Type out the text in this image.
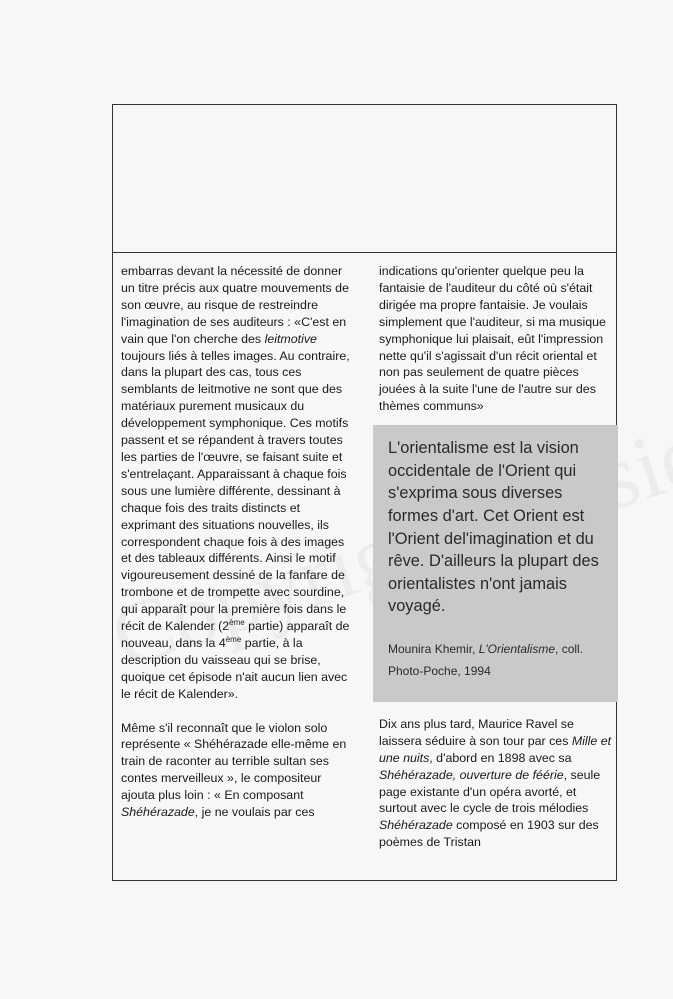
embarras devant la nécessité de donner un titre précis aux quatre mouvements de son œuvre, au risque de restreindre l'imagination de ses auditeurs : «C'est en vain que l'on cherche des leitmotive toujours liés à telles images. Au contraire, dans la plupart des cas, tous ces semblants de leitmotive ne sont que des matériaux purement musicaux du développement symphonique. Ces motifs passent et se répandent à travers toutes les parties de l'œuvre, se faisant suite et s'entrelaçant. Apparaissant à chaque fois sous une lumière différente, dessinant à chaque fois des traits distincts et exprimant des situations nouvelles, ils correspondent chaque fois à des images et des tableaux différents. Ainsi le motif vigoureusement dessiné de la fanfare de trombone et de trompette avec sourdine, qui apparaît pour la première fois dans le récit de Kalender (2ème partie) apparaît de nouveau, dans la 4ème partie, à la description du vaisseau qui se brise, quoique cet épisode n'ait aucun lien avec le récit de Kalender».

Même s'il reconnaît que le violon solo représente « Shéhérazade elle-même en train de raconter au terrible sultan ses contes merveilleux », le compositeur ajouta plus loin : « En composant Shéhérazade, je ne voulais par ces

indications qu'orienter quelque peu la fantaisie de l'auditeur du côté où s'était dirigée ma propre fantaisie. Je voulais simplement que l'auditeur, si ma musique symphonique lui plaisait, eût l'impression nette qu'il s'agissait d'un récit oriental et non pas seulement de quatre pièces jouées à la suite l'une de l'autre sur des thèmes communs»

L'orientalisme est la vision occidentale de l'Orient qui s'exprima sous diverses formes d'art. Cet Orient est l'Orient del'imagination et du rêve. D'ailleurs la plupart des orientalistes n'ont jamais voyagé.
Mounira Khemir, L'Orientalisme, coll. Photo-Poche, 1994

Dix ans plus tard, Maurice Ravel se laissera séduire à son tour par ces Mille et une nuits, d'abord en 1898 avec sa Shéhérazade, ouverture de féérie, seule page existante d'un opéra avorté, et surtout avec le cycle de trois mélodies Shéhérazade composé en 1903 sur des poèmes de Tristan
